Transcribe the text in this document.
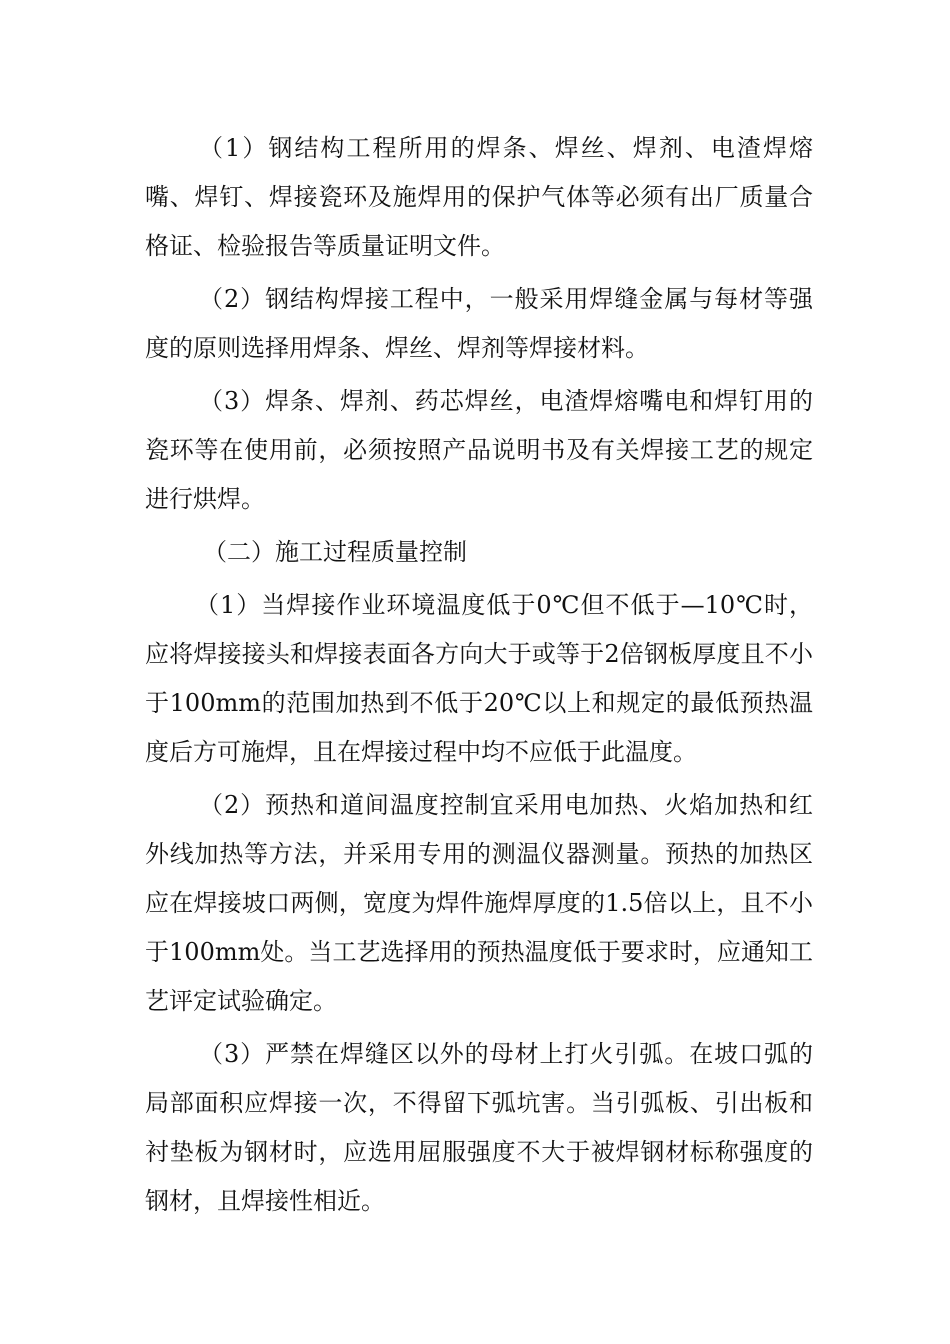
（1）钢结构工程所用的焊条、焊丝、焊剂、电渣焊熔嘴、焊钉、焊接瓷环及施焊用的保护气体等必须有出厂质量合格证、检验报告等质量证明文件。

（2）钢结构焊接工程中，一般采用焊缝金属与每材等强度的原则选择用焊条、焊丝、焊剂等焊接材料。

（3）焊条、焊剂、药芯焊丝，电渣焊熔嘴电和焊钉用的瓷环等在使用前，必须按照产品说明书及有关焊接工艺的规定进行烘焊。

（二）施工过程质量控制

（1）当焊接作业环境温度低于0℃但不低于—10℃时，应将焊接接头和焊接表面各方向大于或等于2倍钢板厚度且不小于100mm的范围加热到不低于20℃以上和规定的最低预热温度后方可施焊，且在焊接过程中均不应低于此温度。

（2）预热和道间温度控制宜采用电加热、火焰加热和红外线加热等方法，并采用专用的测温仪器测量。预热的加热区应在焊接坡口两侧，宽度为焊件施焊厚度的1.5倍以上，且不小于100mm处。当工艺选择用的预热温度低于要求时，应通知工艺评定试验确定。

（3）严禁在焊缝区以外的母材上打火引弧。在坡口弧的局部面积应焊接一次，不得留下弧坑害。当引弧板、引出板和衬垫板为钢材时，应选用屈服强度不大于被焊钢材标称强度的钢材，且焊接性相近。
